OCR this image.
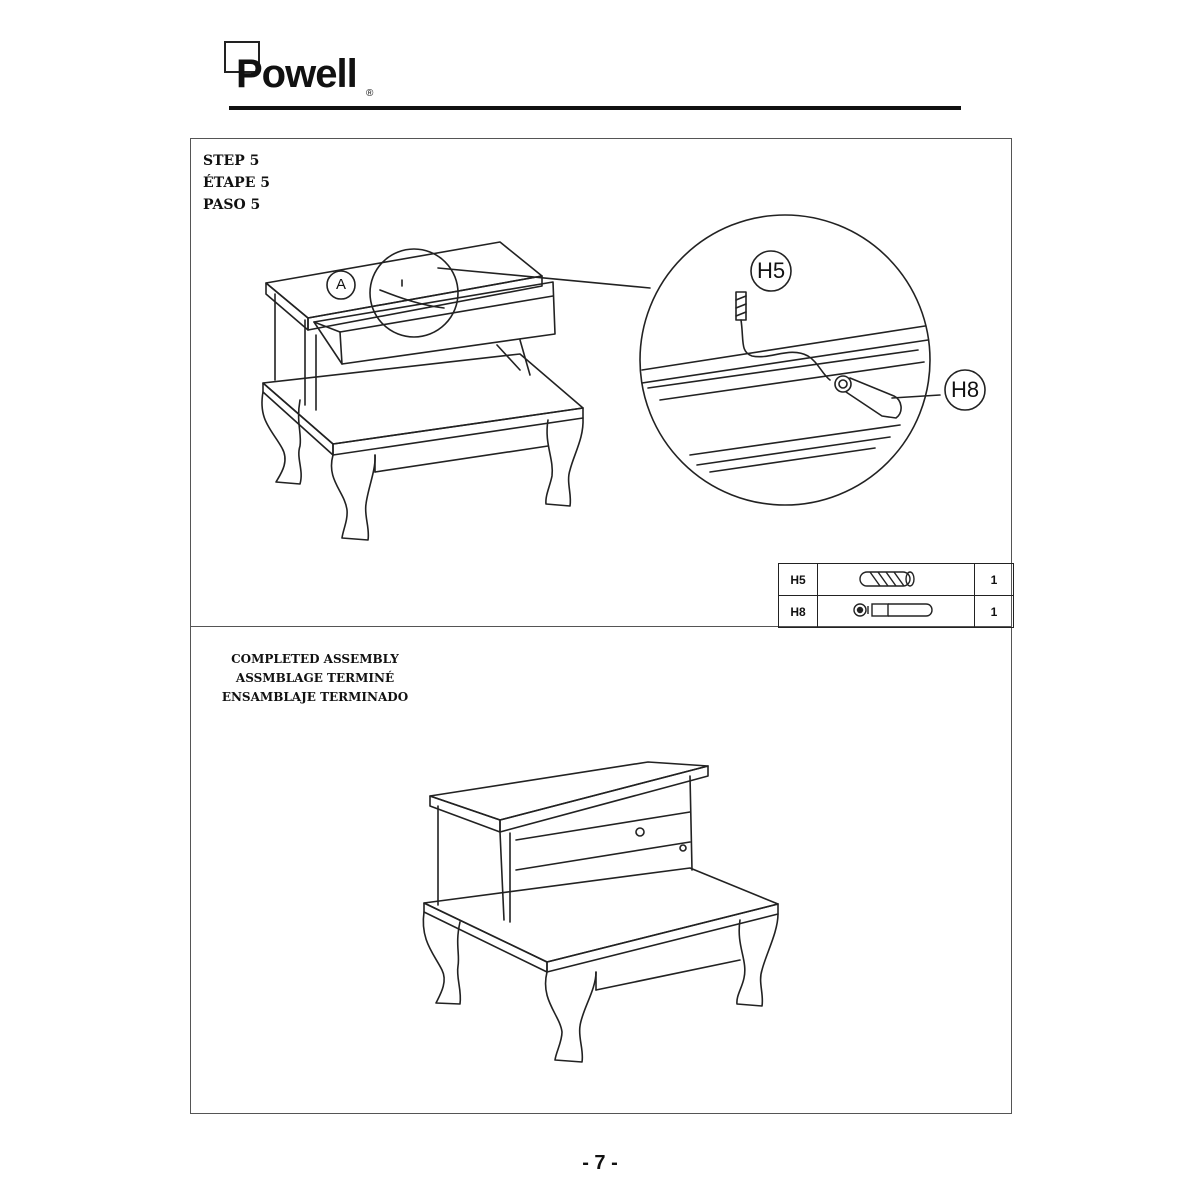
Powell ®
STEP 5
ÉTAPE 5
PASO 5
A
H5
H8
H5		1
H8		1
COMPLETED ASSEMBLY
ASSMBLAGE TERMINÉ
ENSAMBLAJE TERMINADO
- 7 -
